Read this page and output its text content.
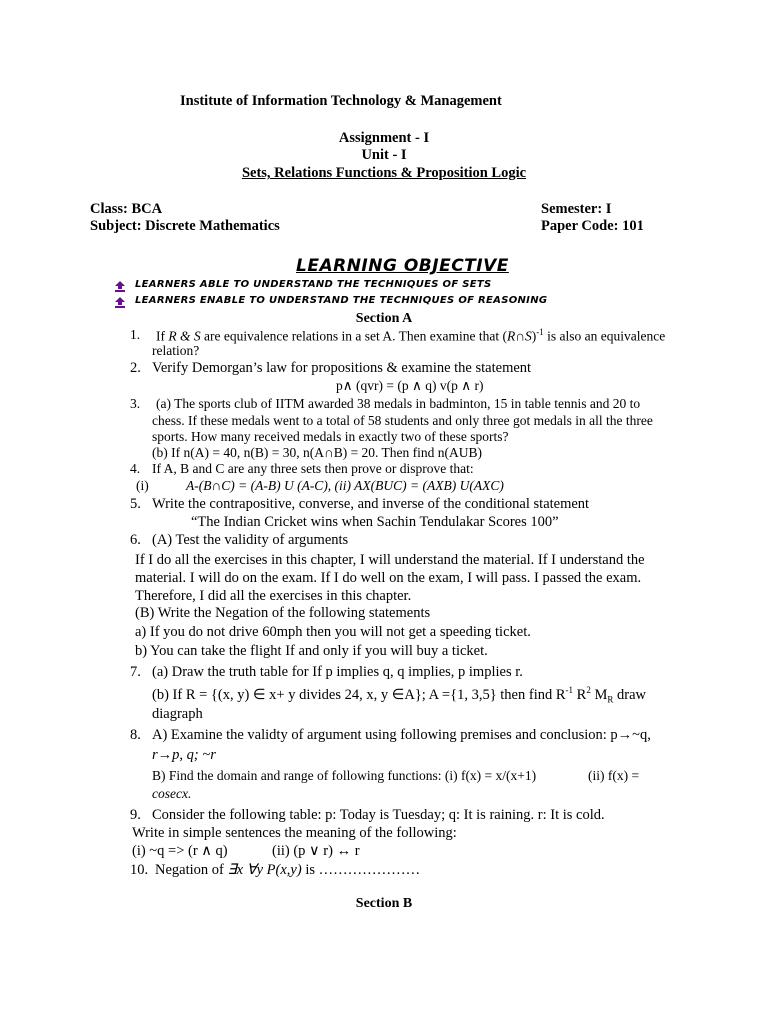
Institute of Information Technology & Management
Assignment - I
Unit - I
Sets, Relations Functions & Proposition Logic
Class: BCA	Semester: I
Subject: Discrete Mathematics	Paper Code: 101
LEARNING OBJECTIVE
LEARNERS ABLE TO UNDERSTAND THE TECHNIQUES OF SETS
LEARNERS ENABLE TO UNDERSTAND THE TECHNIQUES OF REASONING
Section A
1. If R & S are equivalence relations in a set A. Then examine that (R∩S)$^{-1}$ is also an equivalence
relation?
2. Verify Demorgan’s law for propositions & examine the statement
p∧ (qvr) = (p ∧ q) v(p ∧ r)
3. (a) The sports club of IITM awarded 38 medals in badminton, 15 in table tennis and 20 to
chess. If these medals went to a total of 58 students and only three got medals in all the three
sports. How many received medals in exactly two of these sports?
(b) If n(A) = 40, n(B) = 30, n(A∩B) = 20. Then find n(AUB)
4. If A, B and C are any three sets then prove or disprove that:
(i)	A-(B∩C) = (A-B) U (A-C), (ii) AX(BUC) = (AXB) U(AXC)
5. Write the contrapositive, converse, and inverse of the conditional statement
“The Indian Cricket wins when Sachin Tendulakar Scores 100”
6. (A) Test the validity of arguments
If I do all the exercises in this chapter, I will understand the material. If I understand the
material. I will do on the exam. If I do well on the exam, I will pass. I passed the exam.
Therefore, I did all the exercises in this chapter.
(B) Write the Negation of the following statements
a) If you do not drive 60mph then you will not get a speeding ticket.
b) You can take the flight If and only if you will buy a ticket.
7. (a) Draw the truth table for If p implies q, q implies, p implies r.
(b) If R = {(x, y) ∈ x+ y divides 24, x, y ∈A}; A ={1, 3,5} then find $R^{-1}$ $R^2$ $M_R$ draw
diagraph
8. A) Examine the validty of argument using following premises and conclusion: p→~q,
r→p, q; ~r
B) Find the domain and range of following functions: (i) f(x) = x/(x+1)	(ii) f(x) =
cosecx.
9. Consider the following table: p: Today is Tuesday; q: It is raining. r: It is cold.
Write in simple sentences the meaning of the following:
(i) ~q => (r ∧ q)	(ii) (p ∨ r) ↔ r
10. Negation of ∃x ∀y P(x,y) is …………………
Section B
